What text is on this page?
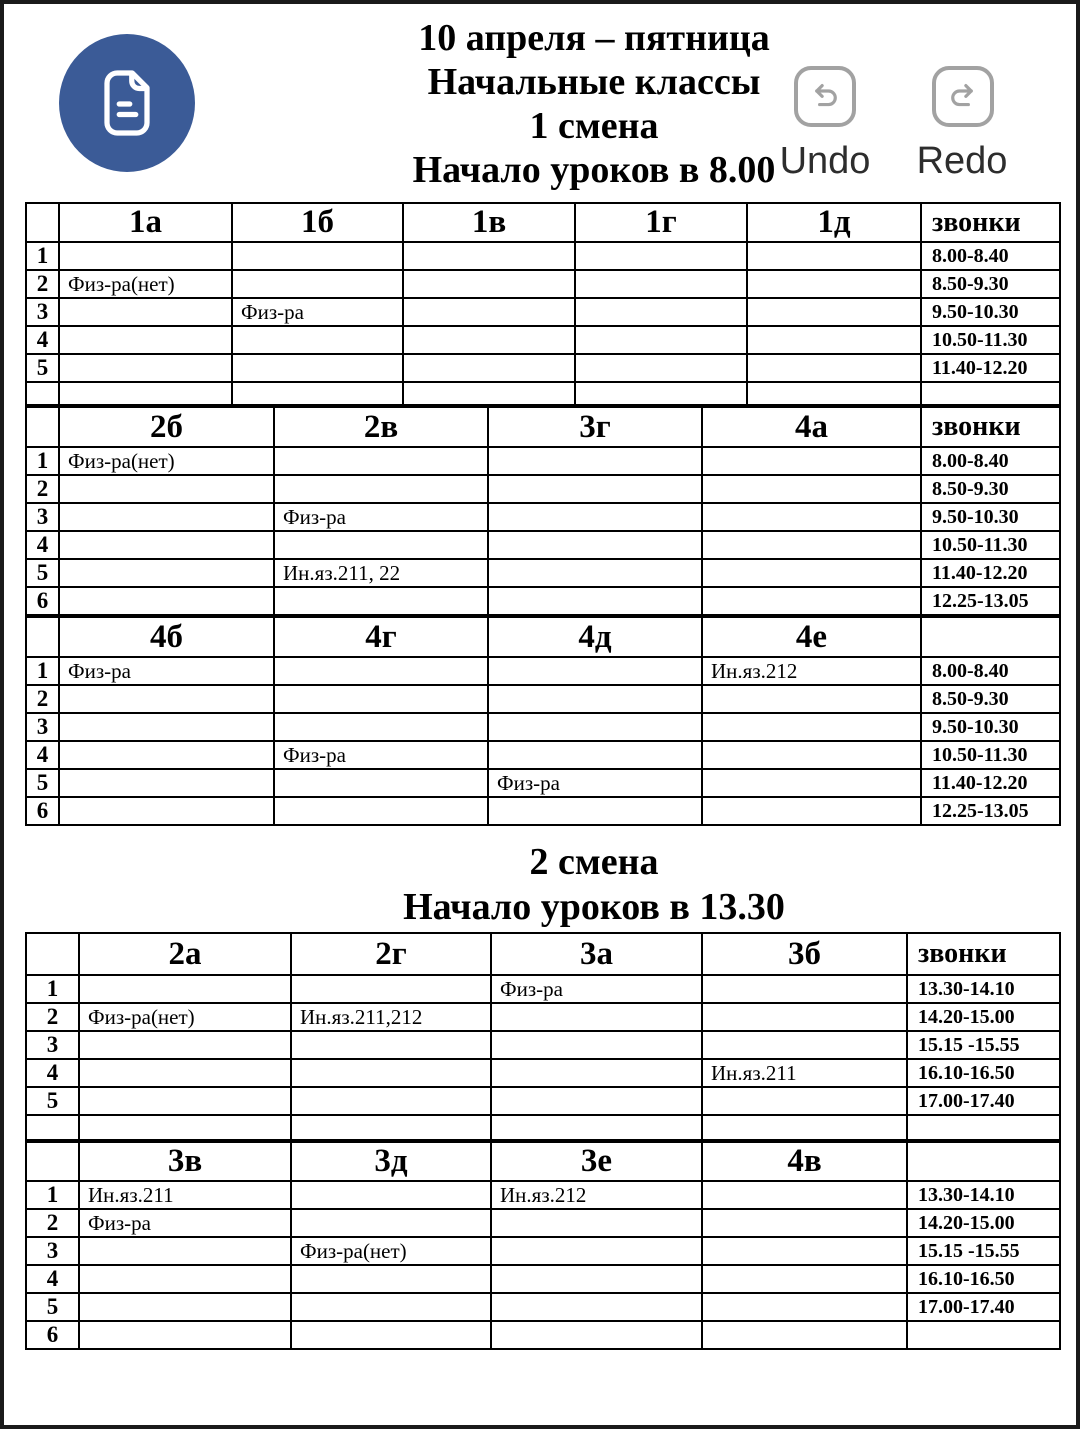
10 апреля – пятница
Начальные классы
1 смена
Начало уроков в 8.00 Undo	Redo
	1а	1б	1в	1г	1д	звонки
1						8.00-8.40
2	Физ-ра(нет)					8.50-9.30
3		Физ-ра				9.50-10.30
4						10.50-11.30
5						11.40-12.20

	2б	2в	3г	4а	звонки
1	Физ-ра(нет)				8.00-8.40
2					8.50-9.30
3		Физ-ра			9.50-10.30
4					10.50-11.30
5		Ин.яз.211, 22			11.40-12.20
6					12.25-13.05
	4б	4г	4д	4е	
1	Физ-ра			Ин.яз.212	8.00-8.40
2					8.50-9.30
3					9.50-10.30
4		Физ-ра			10.50-11.30
5			Физ-ра		11.40-12.20
6					12.25-13.05
2 смена
Начало уроков в 13.30
	2а	2г	3а	3б	звонки
1			Физ-ра		13.30-14.10
2	Физ-ра(нет)	Ин.яз.211,212			14.20-15.00
3					15.15 -15.55
4				Ин.яз.211	16.10-16.50
5					17.00-17.40

	3в	3д	3е	4в	
1	Ин.яз.211		Ин.яз.212		13.30-14.10
2	Физ-ра				14.20-15.00
3		Физ-ра(нет)			15.15 -15.55
4					16.10-16.50
5					17.00-17.40
6					
